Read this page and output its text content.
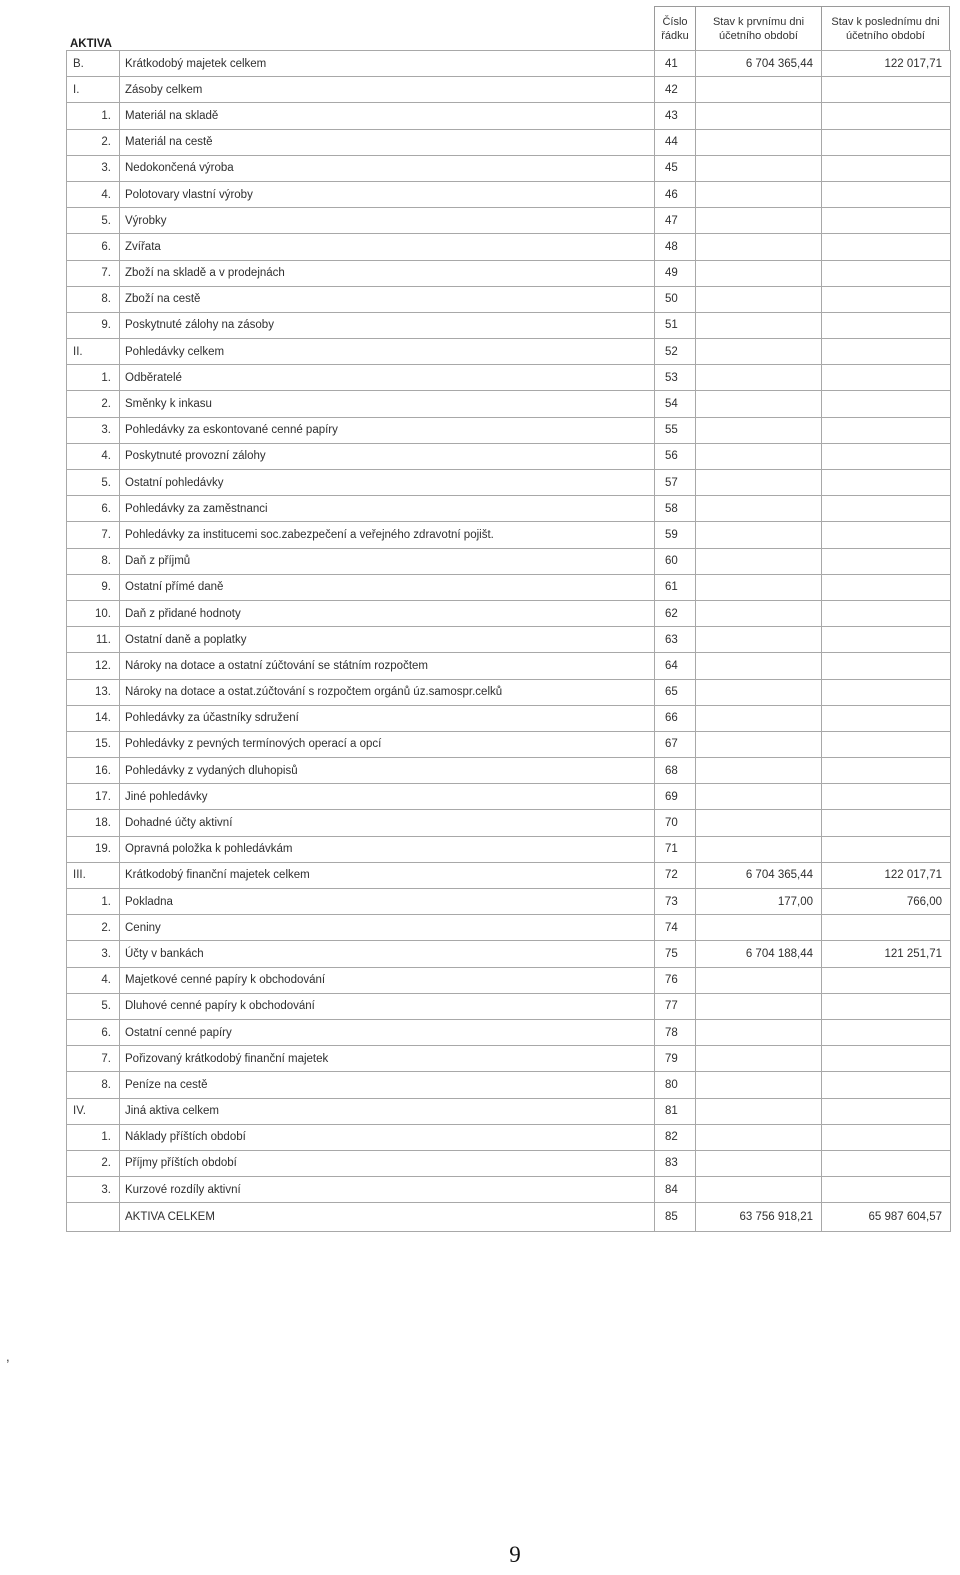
AKTIVA
Číslo řádku
Stav k prvnímu dni účetního období
Stav k poslednímu dni účetního období
B.	Krátkodobý majetek celkem	41	6 704 365,44	122 017,71
I.	Zásoby celkem	42		
1.	Materiál na skladě	43		
2.	Materiál na cestě	44		
3.	Nedokončená výroba	45		
4.	Polotovary vlastní výroby	46		
5.	Výrobky	47		
6.	Zvířata	48		
7.	Zboží na skladě a v prodejnách	49		
8.	Zboží na cestě	50		
9.	Poskytnuté zálohy na zásoby	51		
II.	Pohledávky celkem	52		
1.	Odběratelé	53		
2.	Směnky k inkasu	54		
3.	Pohledávky za eskontované cenné papíry	55		
4.	Poskytnuté provozní zálohy	56		
5.	Ostatní pohledávky	57		
6.	Pohledávky za zaměstnanci	58		
7.	Pohledávky za institucemi soc.zabezpečení a veřejného zdravotní pojišt.	59		
8.	Daň z příjmů	60		
9.	Ostatní přímé daně	61		
10.	Daň z přidané hodnoty	62		
11.	Ostatní daně a poplatky	63		
12.	Nároky na dotace a ostatní zúčtování se státním rozpočtem	64		
13.	Nároky na dotace a ostat.zúčtování s rozpočtem orgánů úz.samospr.celků	65		
14.	Pohledávky za účastníky sdružení	66		
15.	Pohledávky z pevných termínových operací a opcí	67		
16.	Pohledávky z vydaných dluhopisů	68		
17.	Jiné pohledávky	69		
18.	Dohadné účty aktivní	70		
19.	Opravná položka k pohledávkám	71		
III.	Krátkodobý finanční majetek celkem	72	6 704 365,44	122 017,71
1.	Pokladna	73	177,00	766,00
2.	Ceniny	74		
3.	Účty v bankách	75	6 704 188,44	121 251,71
4.	Majetkové cenné papíry k obchodování	76		
5.	Dluhové cenné papíry k obchodování	77		
6.	Ostatní cenné papíry	78		
7.	Pořizovaný krátkodobý finanční majetek	79		
8.	Peníze na cestě	80		
IV.	Jiná aktiva celkem	81		
1.	Náklady příštích období	82		
2.	Příjmy příštích období	83		
3.	Kurzové rozdíly aktivní	84		
	AKTIVA CELKEM	85	63 756 918,21	65 987 604,57
,
9
